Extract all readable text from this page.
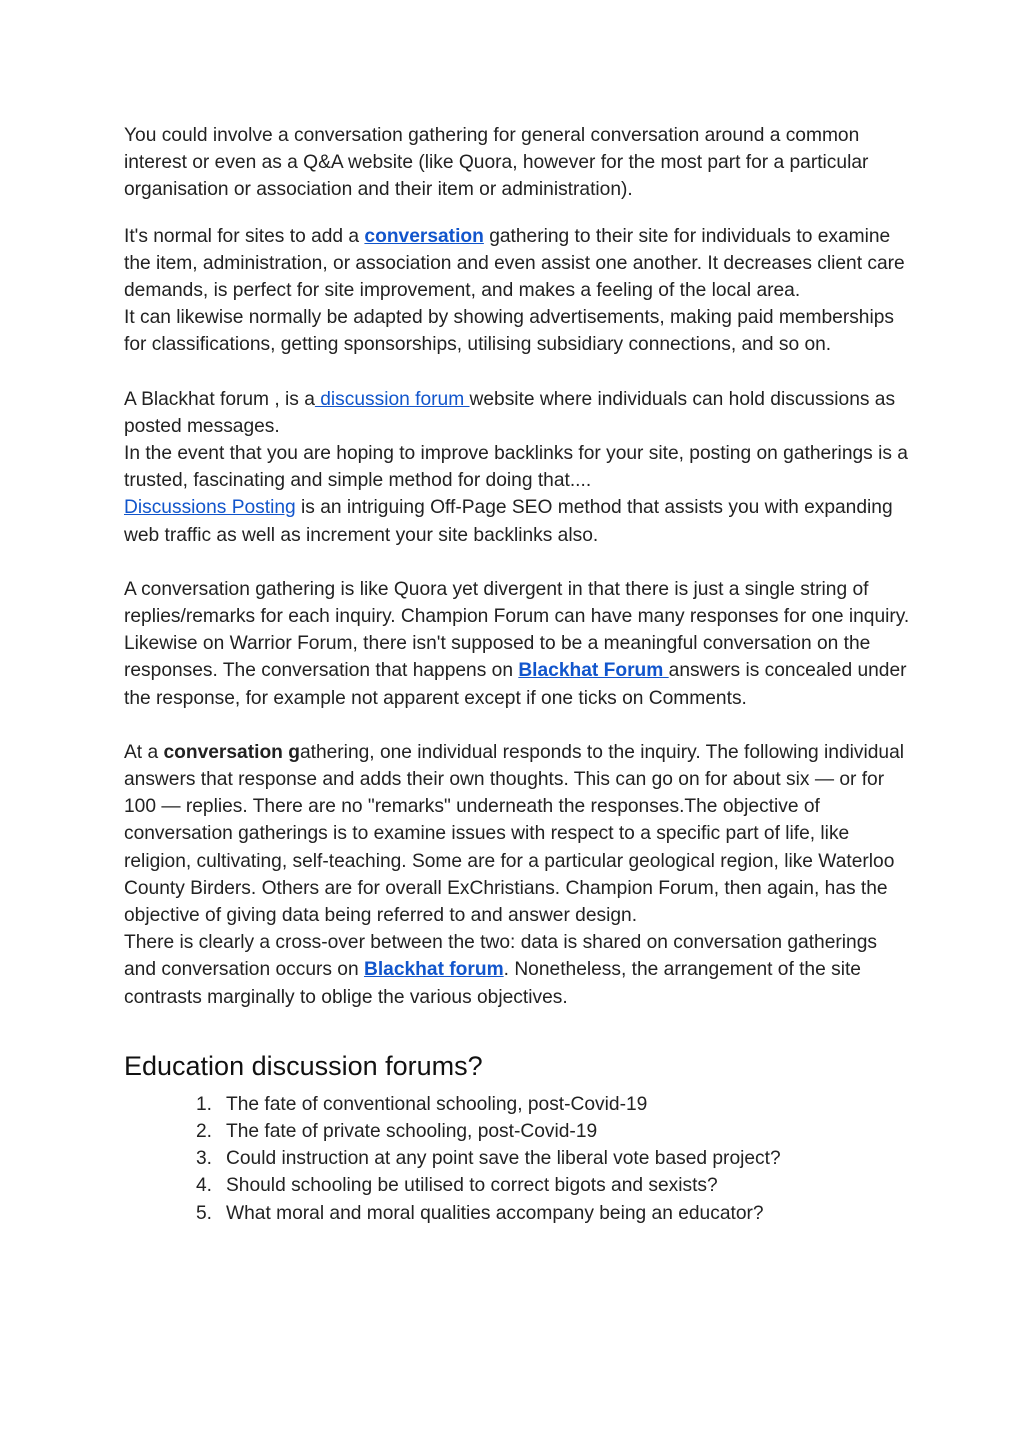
You could involve a conversation gathering for general conversation around a common interest or even as a Q&A website (like Quora, however for the most part for a particular organisation or association and their item or administration).

It's normal for sites to add a conversation gathering to their site for individuals to examine the item, administration, or association and even assist one another. It decreases client care demands, is perfect for site improvement, and makes a feeling of the local area.

It can likewise normally be adapted by showing advertisements, making paid memberships for classifications, getting sponsorships, utilising subsidiary connections, and so on.

A Blackhat forum , is a discussion forum website where individuals can hold discussions as posted messages.

In the event that you are hoping to improve backlinks for your site, posting on gatherings is a trusted, fascinating and simple method for doing that....

Discussions Posting is an intriguing Off-Page SEO method that assists you with expanding web traffic as well as increment your site backlinks also.

A conversation gathering is like Quora yet divergent in that there is just a single string of replies/remarks for each inquiry. Champion Forum can have many responses for one inquiry. Likewise on Warrior Forum, there isn't supposed to be a meaningful conversation on the responses. The conversation that happens on Blackhat Forum answers is concealed under the response, for example not apparent except if one ticks on Comments.

At a conversation gathering, one individual responds to the inquiry. The following individual answers that response and adds their own thoughts. This can go on for about six — or for 100 — replies. There are no "remarks" underneath the responses.The objective of conversation gatherings is to examine issues with respect to a specific part of life, like religion, cultivating, self-teaching. Some are for a particular geological region, like Waterloo County Birders. Others are for overall ExChristians. Champion Forum, then again, has the objective of giving data being referred to and answer design.

There is clearly a cross-over between the two: data is shared on conversation gatherings and conversation occurs on Blackhat forum. Nonetheless, the arrangement of the site contrasts marginally to oblige the various objectives.

Education discussion forums?
1. The fate of conventional schooling, post-Covid-19
2. The fate of private schooling, post-Covid-19
3. Could instruction at any point save the liberal vote based project?
4. Should schooling be utilised to correct bigots and sexists?
5. What moral and moral qualities accompany being an educator?
